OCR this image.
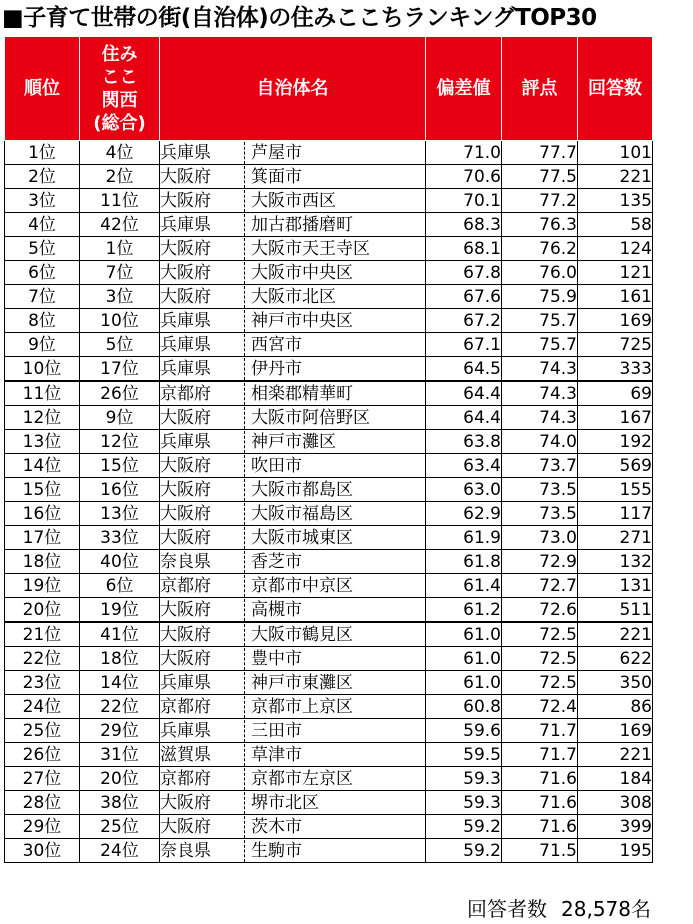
■子育て世帯の街(自治体)の住みここちランキングTOP30
順位	住み
ここ
関西
(総合)	自治体名	偏差値	評点	回答数
1位	4位	兵庫県 芦屋市	71.0	77.7	101
2位	2位	大阪府 箕面市	70.6	77.5	221
3位	11位	大阪府 大阪市西区	70.1	77.2	135
4位	42位	兵庫県 加古郡播磨町	68.3	76.3	58
5位	1位	大阪府 大阪市天王寺区	68.1	76.2	124
6位	7位	大阪府 大阪市中央区	67.8	76.0	121
7位	3位	大阪府 大阪市北区	67.6	75.9	161
8位	10位	兵庫県 神戸市中央区	67.2	75.7	169
9位	5位	兵庫県 西宮市	67.1	75.7	725
10位	17位	兵庫県 伊丹市	64.5	74.3	333
11位	26位	京都府 相楽郡精華町	64.4	74.3	69
12位	9位	大阪府 大阪市阿倍野区	64.4	74.3	167
13位	12位	兵庫県 神戸市灘区	63.8	74.0	192
14位	15位	大阪府 吹田市	63.4	73.7	569
15位	16位	大阪府 大阪市都島区	63.0	73.5	155
16位	13位	大阪府 大阪市福島区	62.9	73.5	117
17位	33位	大阪府 大阪市城東区	61.9	73.0	271
18位	40位	奈良県 香芝市	61.8	72.9	132
19位	6位	京都府 京都市中京区	61.4	72.7	131
20位	19位	大阪府 高槻市	61.2	72.6	511
21位	41位	大阪府 大阪市鶴見区	61.0	72.5	221
22位	18位	大阪府 豊中市	61.0	72.5	622
23位	14位	兵庫県 神戸市東灘区	61.0	72.5	350
24位	22位	京都府 京都市上京区	60.8	72.4	86
25位	29位	兵庫県 三田市	59.6	71.7	169
26位	31位	滋賀県 草津市	59.5	71.7	221
27位	20位	京都府 京都市左京区	59.3	71.6	184
28位	38位	大阪府 堺市北区	59.3	71.6	308
29位	25位	大阪府 茨木市	59.2	71.6	399
30位	24位	奈良県 生駒市	59.2	71.5	195
回答者数 28,578名
